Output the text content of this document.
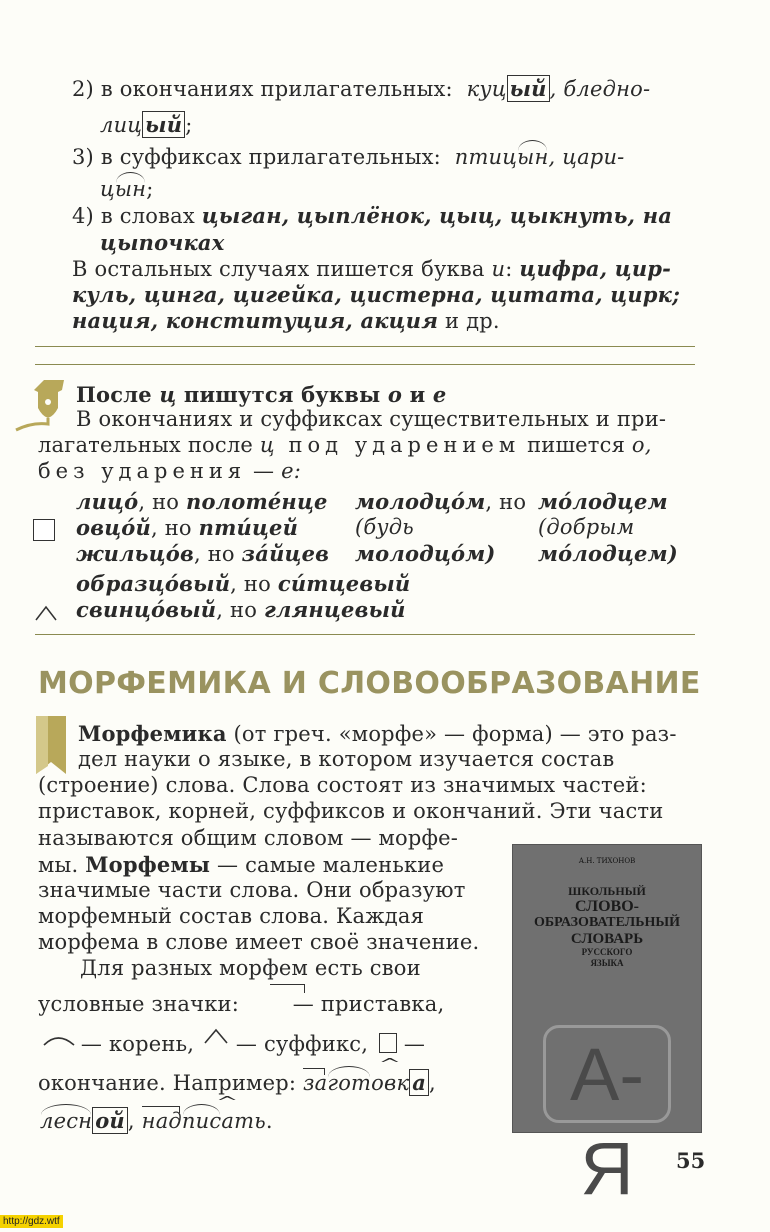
2) в окончаниях прилагательных: куц ый , бледно-
лиц ый ;
3) в суффиксах прилагательных: птицын, цари-
цын;
4) в словах цыган, цыплёнок, цыц, цыкнуть, на
цыпочках
В остальных случаях пишется буква и: цифра, цир-
куль, цинга, цигейка, цистерна, цитата, цирк;
нация, конституция, акция и др.
После ц пишутся буквы о и е
В окончаниях и суффиксах существительных и при-
лагательных после ц под ударением пишется о,
без ударения — е:
лицó, но полотéнце
овцóй, но птúцей
жильцóв, но зáйцев
молодцóм, но
(будь
молодцóм)
мóлодцем
(добрым
мóлодцем)
образцóвый, но сúтцевый
свинцóвый, но глянцевый
МОРФЕМИКА И СЛОВООБРАЗОВАНИЕ
Морфемика (от греч. «морфе» — форма) — это раз-
дел науки о языке, в котором изучается состав
(строение) слова. Слова состоят из значимых частей:
приставок, корней, суффиксов и окончаний. Эти части
называются общим словом — морфе-
мы. Морфемы — самые маленькие
значимые части слова. Они образуют
морфемный состав слова. Каждая
морфема в слове имеет своё значение.
Для разных морфем есть свои
условные значки:
— приставка,
— корень,
— суффикс,  —
окончание. Например: загот^ овк а ,
лесн ой , надпис^ ать.
А.Н. ТИХОНОВ
ШКОЛЬНЫЙ
СЛОВО-
ОБРАЗОВАТЕЛЬНЫЙ
СЛОВАРЬ
РУССКОГО
ЯЗЫКА
А-Я	55
http://gdz.wtf
